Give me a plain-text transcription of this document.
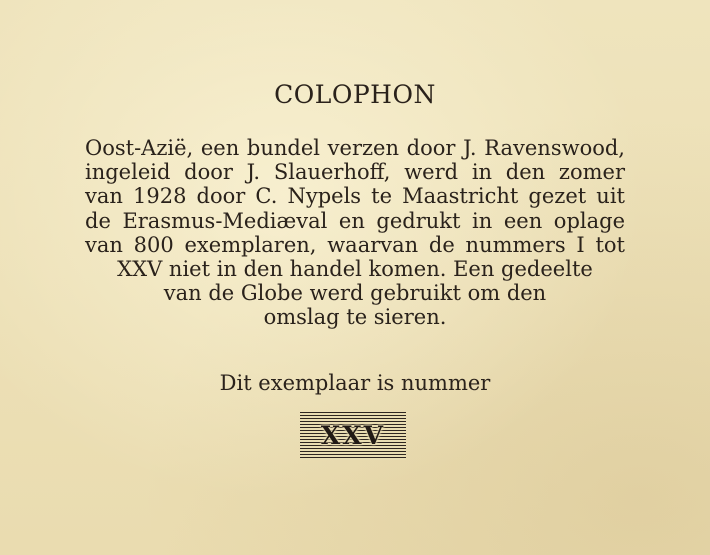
COLOPHON
Oost-Azië, een bundel verzen door J. Ravenswood,
ingeleid door J. Slauerhoff, werd in den zomer
van 1928 door C. Nypels te Maastricht gezet uit
de Erasmus-Mediæval en gedrukt in een oplage
van 800 exemplaren, waarvan de nummers I tot
XXV niet in den handel komen. Een gedeelte
van de Globe werd gebruikt om den
omslag te sieren.
Dit exemplaar is nummer
XXV
